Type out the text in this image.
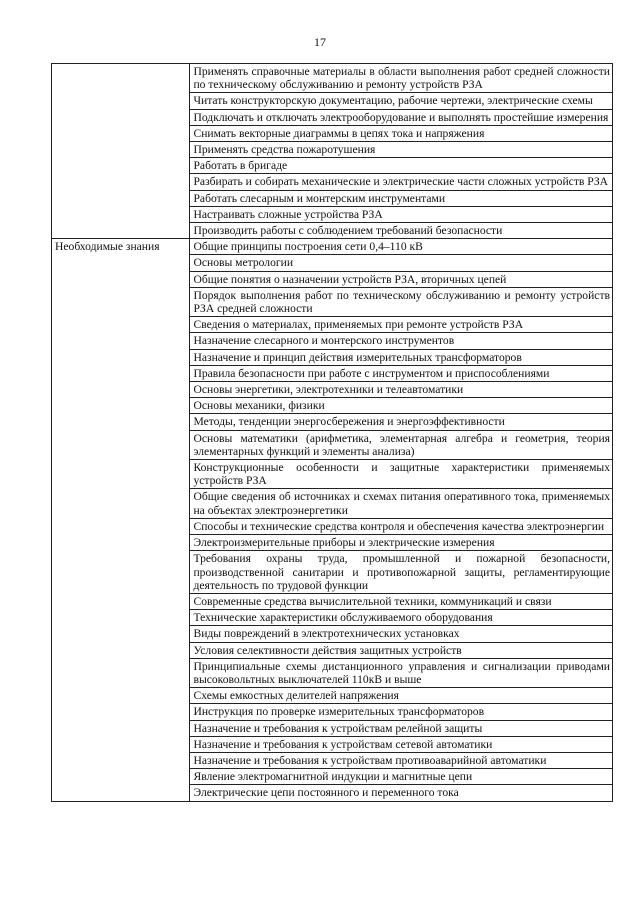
17
	Применять справочные материалы в области выполнения работ средней сложности по техническому обслуживанию и ремонту устройств РЗА
	Читать конструкторскую документацию, рабочие чертежи, электрические схемы
	Подключать и отключать электрооборудование и выполнять простейшие измерения
	Снимать векторные диаграммы в цепях тока и напряжения
	Применять средства пожаротушения
	Работать в бригаде
	Разбирать и собирать механические и электрические части сложных устройств РЗА
	Работать слесарным и монтерским инструментами
	Настраивать сложные устройства РЗА
	Производить работы с соблюдением требований безопасности
Необходимые знания	Общие принципы построения сети 0,4–110 кВ
	Основы метрологии
	Общие понятия о назначении устройств РЗА, вторичных цепей
	Порядок выполнения работ по техническому обслуживанию и ремонту устройств РЗА средней сложности
	Сведения о материалах, применяемых при ремонте устройств РЗА
	Назначение слесарного и монтерского инструментов
	Назначение и принцип действия измерительных трансформаторов
	Правила безопасности при работе с инструментом и приспособлениями
	Основы энергетики, электротехники и телеавтоматики
	Основы механики, физики
	Методы, тенденции энергосбережения и энергоэффективности
	Основы математики (арифметика, элементарная алгебра и геометрия, теория элементарных функций и элементы анализа)
	Конструкционные особенности и защитные характеристики применяемых устройств РЗА
	Общие сведения об источниках и схемах питания оперативного тока, применяемых на объектах электроэнергетики
	Способы и технические средства контроля и обеспечения качества электроэнергии
	Электроизмерительные приборы и электрические измерения
	Требования охраны труда, промышленной и пожарной безопасности, производственной санитарии и противопожарной защиты, регламентирующие деятельность по трудовой функции
	Современные средства вычислительной техники, коммуникаций и связи
	Технические характеристики обслуживаемого оборудования
	Виды повреждений в электротехнических установках
	Условия селективности действия защитных устройств
	Принципиальные схемы дистанционного управления и сигнализации приводами высоковольтных выключателей 110кВ и выше
	Схемы емкостных делителей напряжения
	Инструкция по проверке измерительных трансформаторов
	Назначение и требования к устройствам релейной защиты
	Назначение и требования к устройствам сетевой автоматики
	Назначение и требования к устройствам противоаварийной автоматики
	Явление электромагнитной индукции и магнитные цепи
	Электрические цепи постоянного и переменного тока
